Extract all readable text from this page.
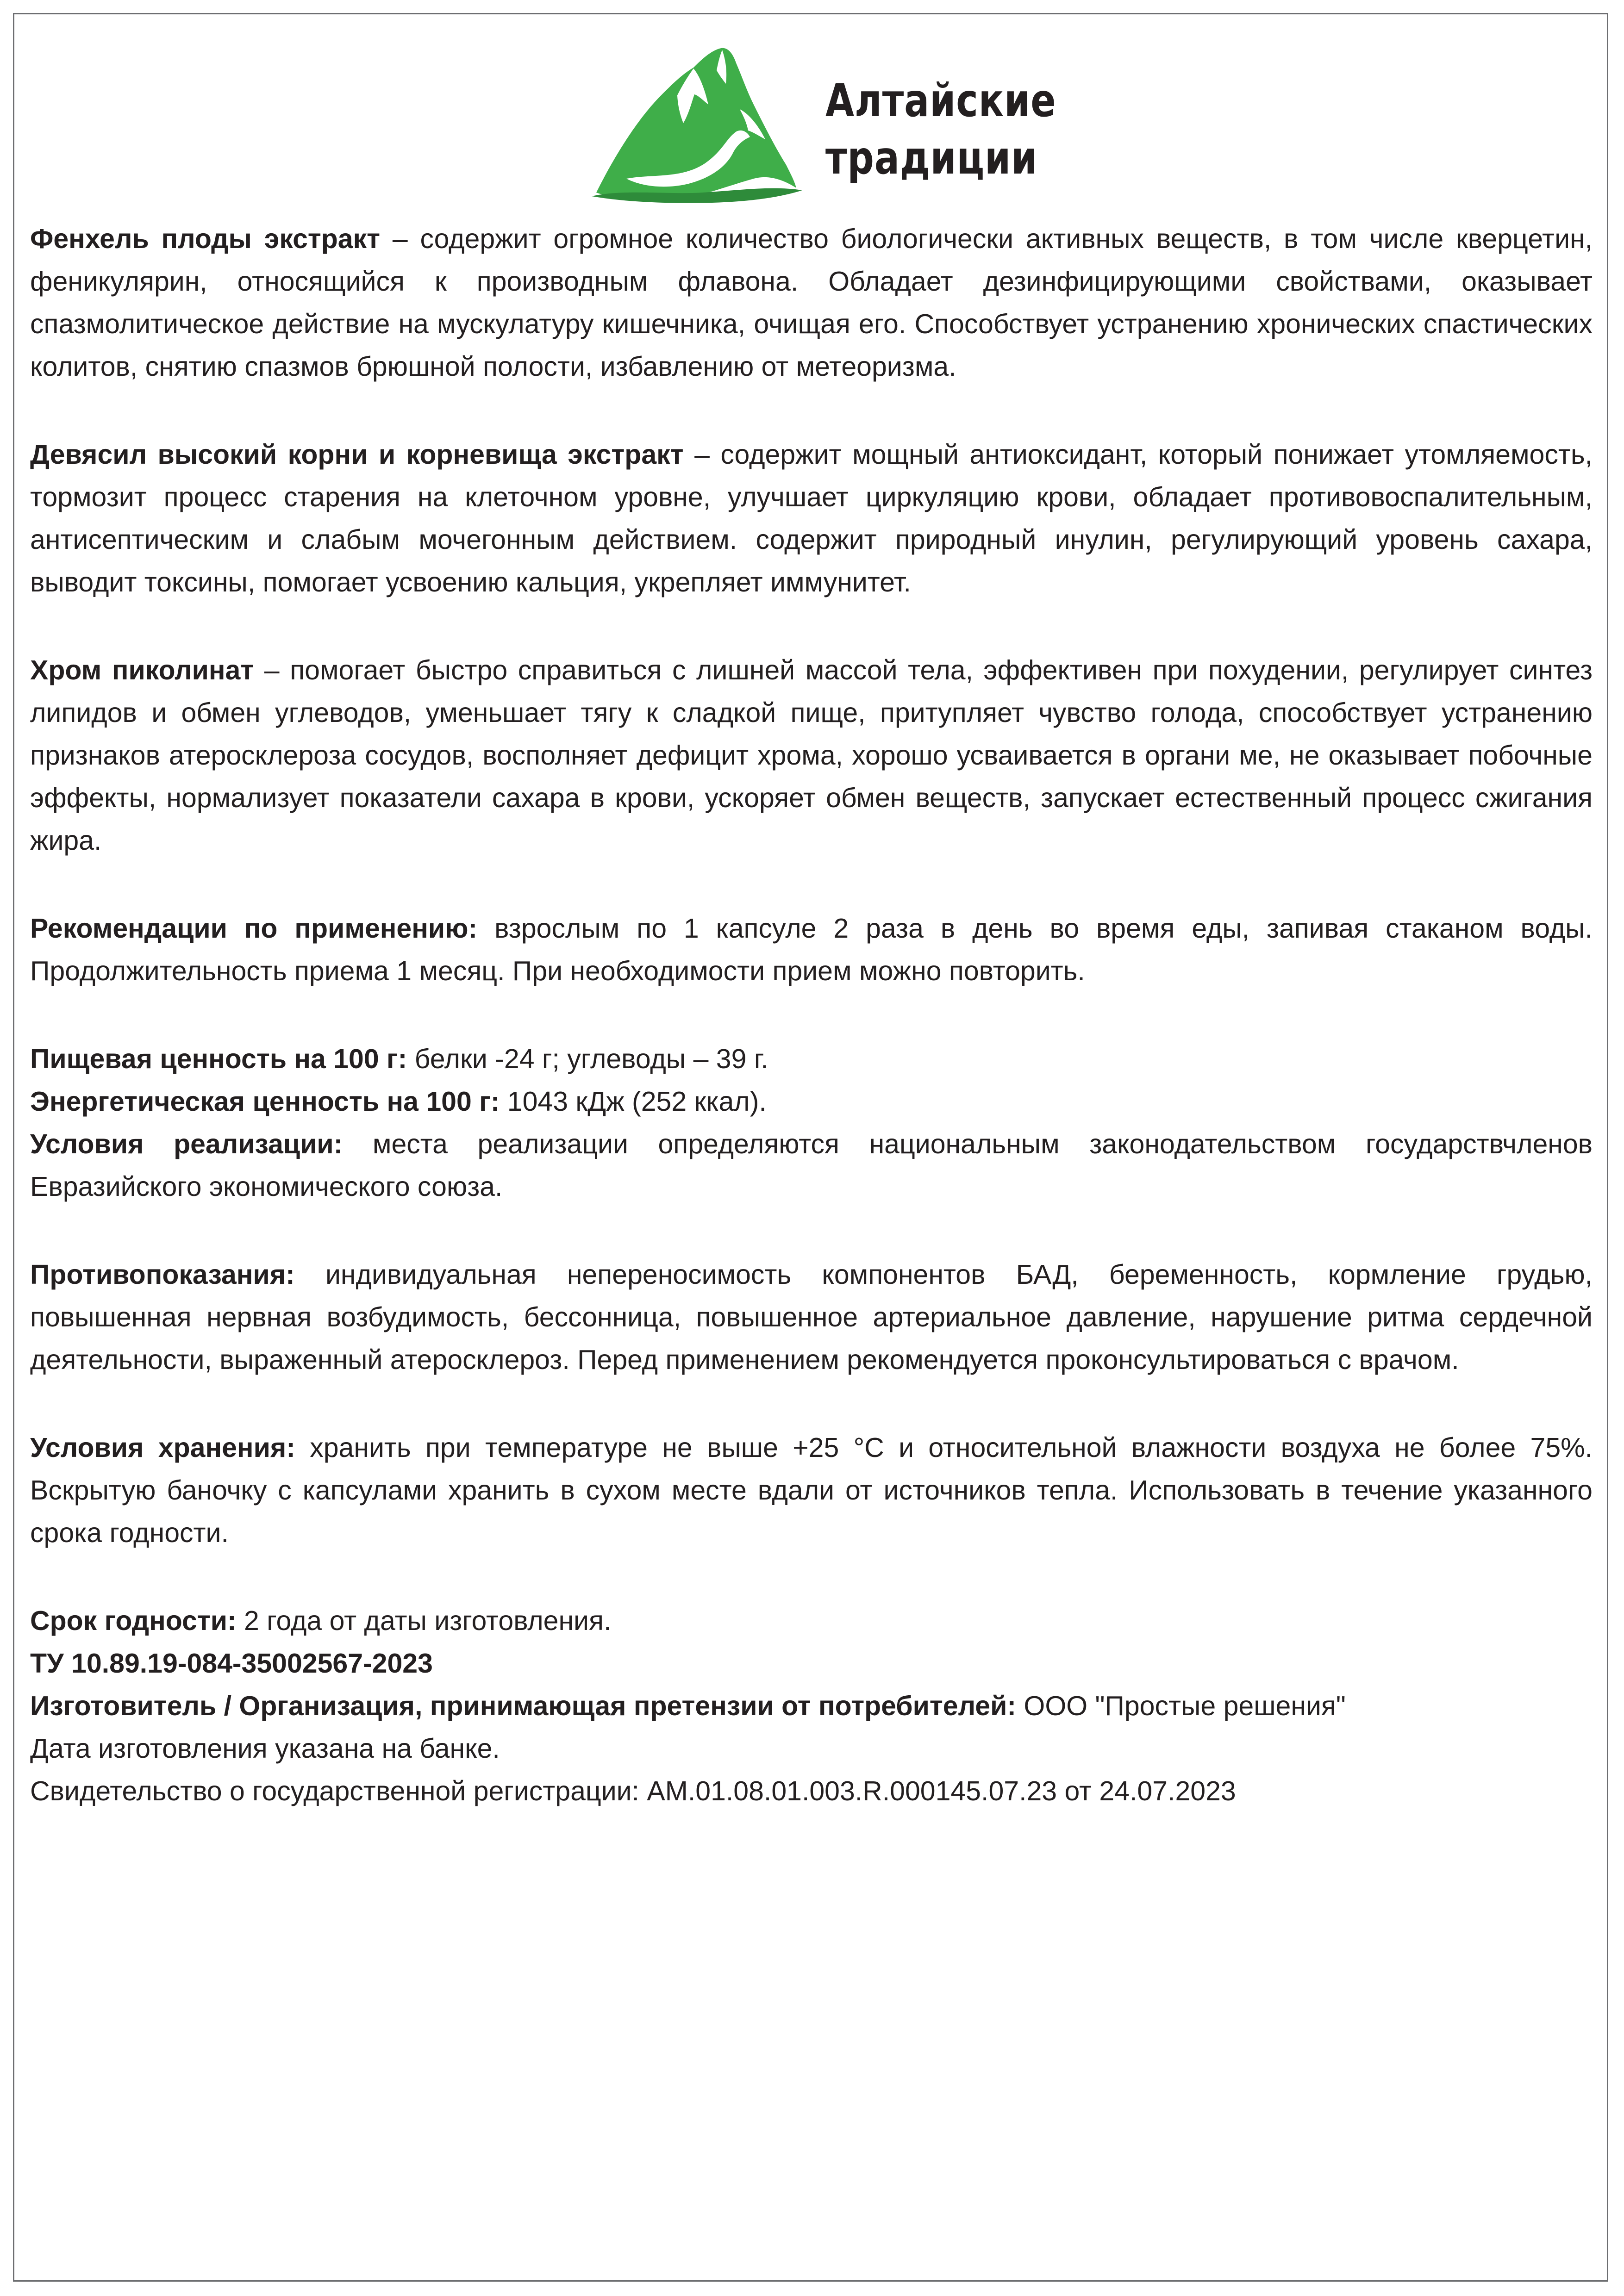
Алтайские
традиции

Фенхель плоды экстракт – содержит огромное количество биологически активных веществ, в том числе кверцетин, феникулярин, относящийся к производным флавона. Обладает дезинфицирующими свойствами, оказывает спазмолитическое действие на мускулатуру кишечника, очищая его. Способствует устранению хронических спастических колитов, снятию спазмов брюшной полости, избавлению от метеоризма.

Девясил высокий корни и корневища экстракт – содержит мощный антиоксидант, который понижает утомляемость, тормозит процесс старения на клеточном уровне, улучшает циркуляцию крови, обладает противовоспалительным, антисептическим и слабым мочегонным действием. содержит природный инулин, регулирующий уровень сахара, выводит токсины, помогает усвоению кальция, укрепляет иммунитет.

Хром пиколинат – помогает быстро справиться с лишней массой тела, эффективен при похудении, регулирует синтез липидов и обмен углеводов, уменьшает тягу к сладкой пище, притупляет чувство голода, способствует устранению признаков атеросклероза сосудов, восполняет дефицит хрома, хорошо усваивается в органи ме, не оказывает побочные эффекты, нормализует показатели сахара в крови, ускоряет обмен веществ, запускает естественный процесс сжигания жира.

Рекомендации по применению: взрослым по 1 капсуле 2 раза в день во время еды, запивая стаканом воды. Продолжительность приема 1 месяц. При необходимости прием можно повторить.

Пищевая ценность на 100 г: белки -24 г; углеводы – 39 г.

Энергетическая ценность на 100 г: 1043 кДж (252 ккал).

Условия реализации: места реализации определяются национальным законодательством государствчленов Евразийского экономического союза.

Противопоказания: индивидуальная непереносимость компонентов БАД, беременность, кормление грудью, повышенная нервная возбудимость, бессонница, повышенное артериальное давление, нарушение ритма сердечной деятельности, выраженный атеросклероз. Перед применением рекомендуется проконсультироваться с врачом.

Условия хранения: хранить при температуре не выше +25 °С и относительной влажности воздуха не более 75%. Вскрытую баночку с капсулами хранить в сухом месте вдали от источников тепла. Использовать в течение указанного срока годности.

Срок годности: 2 года от даты изготовления.

ТУ 10.89.19-084-35002567-2023

Изготовитель / Организация, принимающая претензии от потребителей: ООО "Простые решения"

Дата изготовления указана на банке.

Свидетельство о государственной регистрации: AM.01.08.01.003.R.000145.07.23 от 24.07.2023
